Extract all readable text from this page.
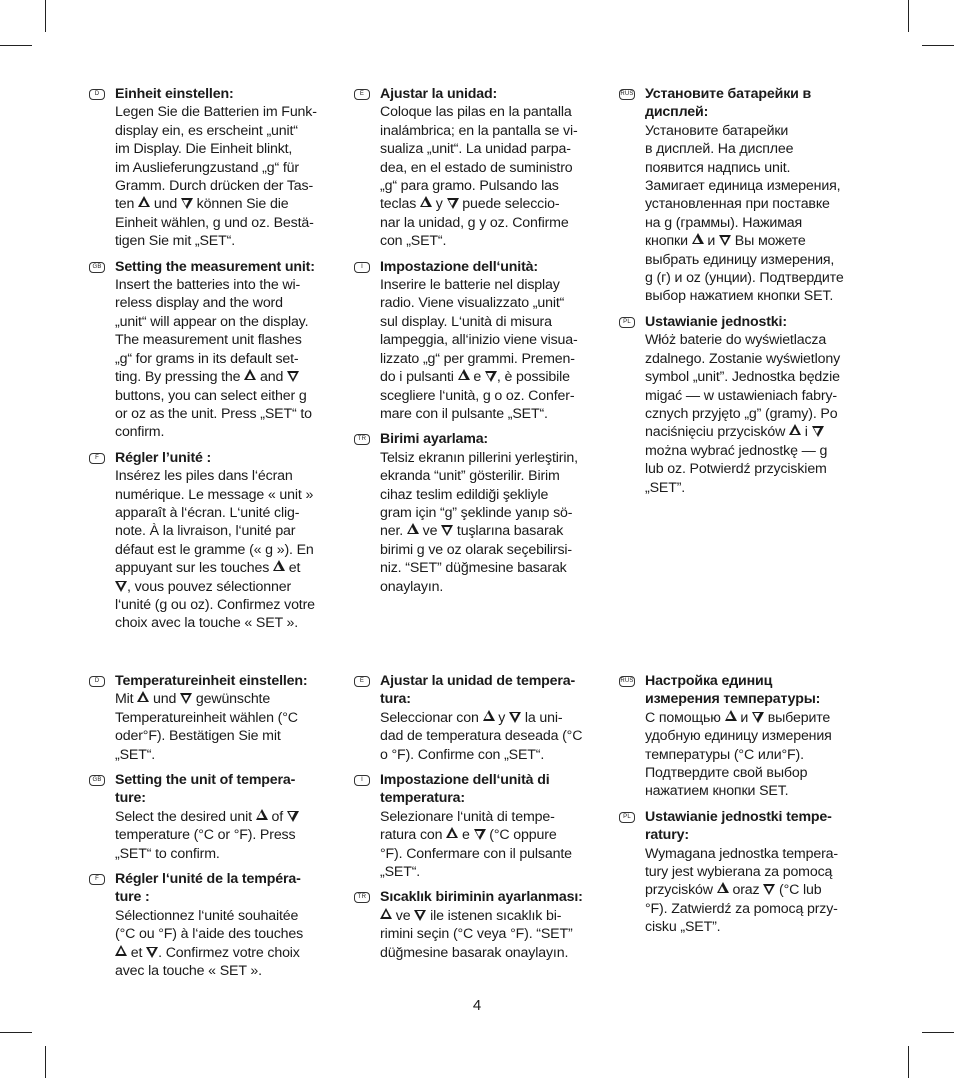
D	Einheit einstellen:
Legen Sie die Batterien im Funk-
display ein, es erscheint „unit“
im Display. Die Einheit blinkt,
im Auslieferungzustand „g“ für
Gramm. Durch drücken der Tas-
ten  und  können Sie die
Einheit wählen, g und oz. Bestä-
tigen Sie mit „SET“.
GB Setting the measurement unit:
Insert the batteries into the wi-
reless display and the word
„unit“ will appear on the display.
The measurement unit flashes
„g“ for grams in its default set-
ting. By pressing the  and
buttons, you can select either g
or oz as the unit. Press „SET“ to
confirm.
F	Régler l’unité :
Insérez les piles dans l‘écran
numérique. Le message « unit »
apparaît à l‘écran. L‘unité clig-
note. À la livraison, l‘unité par
défaut est le gramme (« g »). En
appuyant sur les touches  et
, vous pouvez sélectionner
l‘unité (g ou oz). Confirmez votre
choix avec la touche « SET ».
E	Ajustar la unidad:
Coloque las pilas en la pantalla
inalámbrica; en la pantalla se vi-
sualiza „unit“. La unidad parpa-
dea, en el estado de suministro
„g“ para gramo. Pulsando las
teclas  y  puede seleccio-
nar la unidad, g y oz. Confirme
con „SET“.
I	Impostazione dell‘unità:
Inserire le batterie nel display
radio. Viene visualizzato „unit“
sul display. L‘unità di misura
lampeggia, all‘inizio viene visua-
lizzato „g“ per grammi. Premen-
do i pulsanti  e , è possibile
scegliere l‘unità, g o oz. Confer-
mare con il pulsante „SET“.
TR Birimi ayarlama:
Telsiz ekranın pillerini yerleştirin,
ekranda “unit” gösterilir. Birim
cihaz teslim edildiği şekliyle
gram için “g” şeklinde yanıp sö-
ner.  ve  tuşlarına basarak
birimi g ve oz olarak seçebilirsi-
niz. “SET” düğmesine basarak
onaylayın.
RUS Установите батарейки в
дисплей:
Установите батарейки
в дисплей. На дисплее
появится надпись unit.
Замигает единица измерения,
установленная при поставке
на g (граммы). Нажимая
кнопки  и  Вы можете
выбрать единицу измерения,
g (г) и oz (унции). Подтвердите
выбор нажатием кнопки SET.
PL Ustawianie jednostki:
Włóż baterie do wyświetlacza
zdalnego. Zostanie wyświetlony
symbol „unit”. Jednostka będzie
migać — w ustawieniach fabry-
cznych przyjęto „g” (gramy). Po
naciśnięciu przycisków  i
można wybrać jednostkę — g
lub oz. Potwierdź przyciskiem
„SET”.
D	Temperatureinheit einstellen:
Mit  und  gewünschte
Temperatureinheit wählen (°C
oder°F). Bestätigen Sie mit
„SET“.
GB Setting the unit of tempera-
ture:
Select the desired unit  of
temperature (°C or °F). Press
„SET“ to confirm.
F	Régler l‘unité de la tempéra-
ture :
Sélectionnez l‘unité souhaitée
(°C ou °F) à l‘aide des touches
et . Confirmez votre choix
avec la touche « SET ».
E	Ajustar la unidad de tempera-
tura:
Seleccionar con  y  la uni-
dad de temperatura deseada (°C
o °F). Confirme con „SET“.
I	Impostazione dell‘unità di
temperatura:
Selezionare l‘unità di tempe-
ratura con  e  (°C oppure
°F). Confermare con il pulsante
„SET“.
TR Sıcaklık biriminin ayarlanması:
ve  ile istenen sıcaklık bi-
rimini seçin (°C veya °F). “SET”
düğmesine basarak onaylayın.
RUS Настройка единиц
измерения температуры:
С помощью  и  выберите
удобную единицу измерения
температуры (°С или°F).
Подтвердите свой выбор
нажатием кнопки SET.
PL Ustawianie jednostki tempe-
ratury:
Wymagana jednostka tempera-
tury jest wybierana za pomocą
przycisków  oraz  (°C lub
°F). Zatwierdź za pomocą przy-
cisku „SET”.
4
